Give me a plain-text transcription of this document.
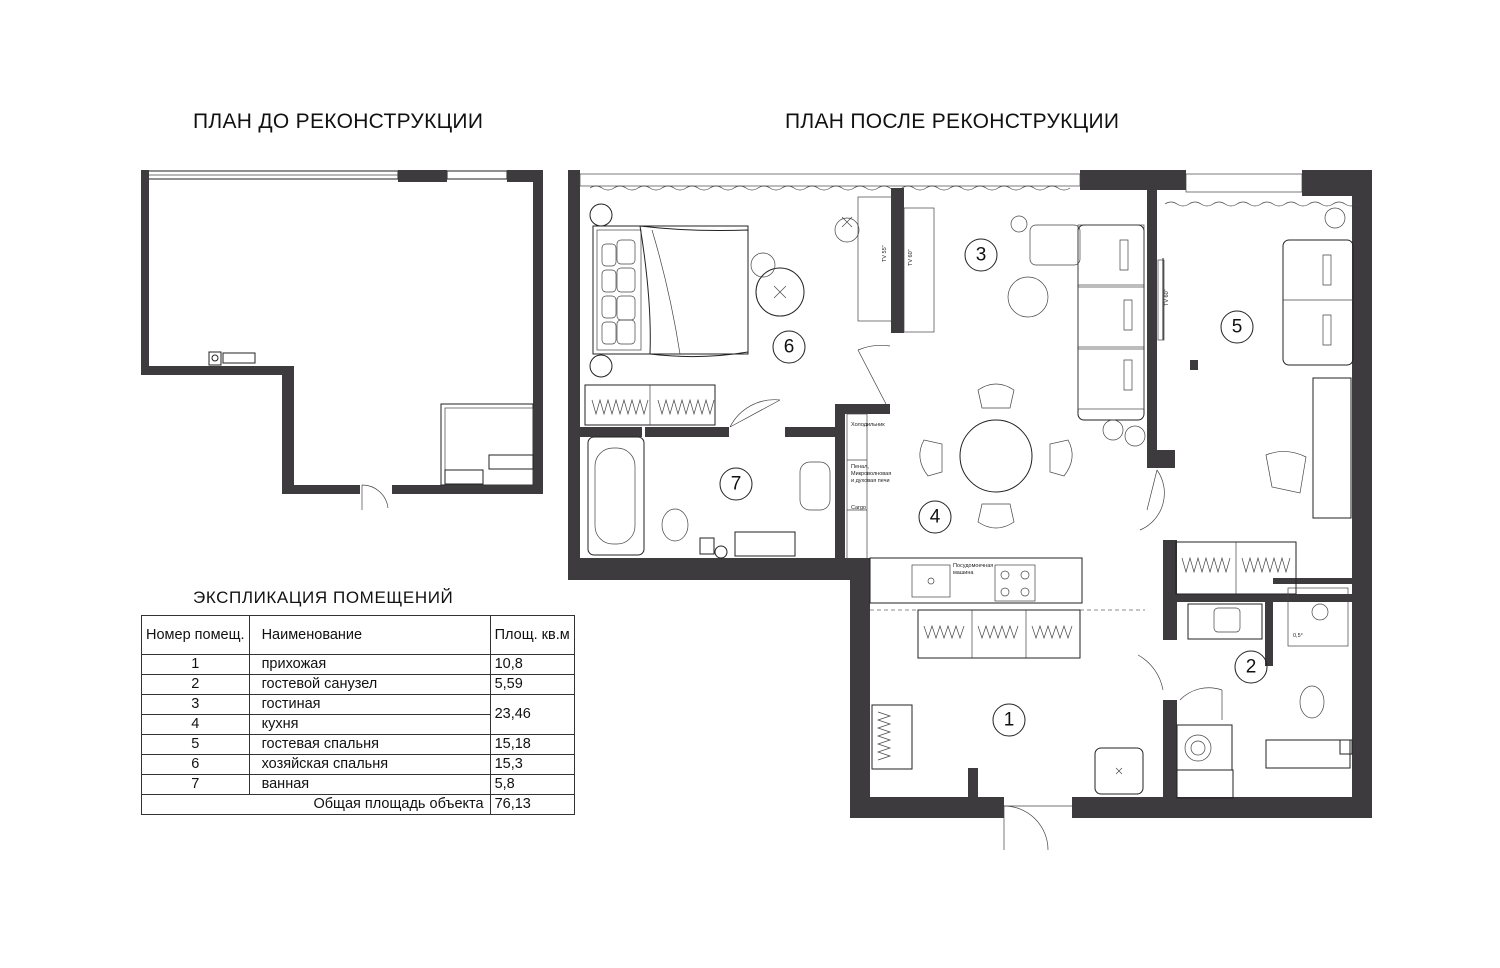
ПЛАН ДО РЕКОНСТРУКЦИИ	ПЛАН ПОСЛЕ РЕКОНСТРУКЦИИ
1
2
3
4
5
6
7
TV 55"	TV 60"
TV 60"
Холодильник
Пенал,
Микроволновая
и духовая печи
Cargo
Посудомоечная
машина
0,5°
ЭКСПЛИКАЦИЯ ПОМЕЩЕНИЙ
Номер помещ.	Наименование	Площ. кв.м
1	прихожая	10,8
2	гостевой санузел	5,59
3	гостиная	23,46
4	кухня	
5	гостевая спальня	15,18
6	хозяйская спальня	15,3
7	ванная	5,8
Общая площадь объекта		76,13
